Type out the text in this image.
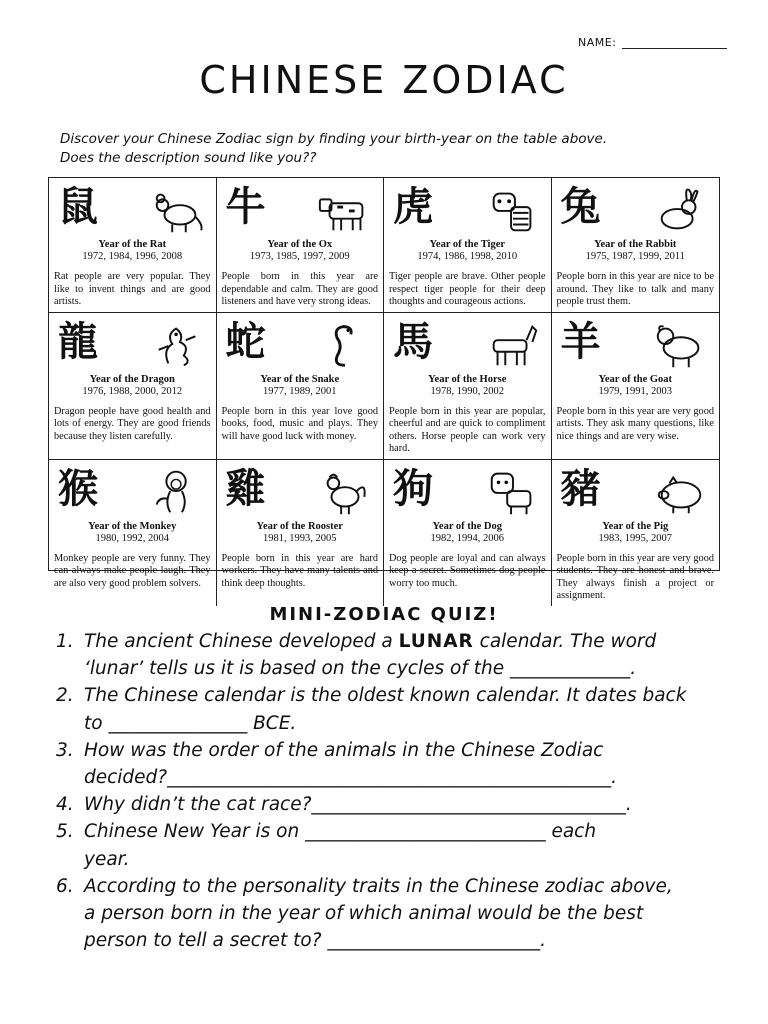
NAME:
CHINESE ZODIAC
Discover your Chinese Zodiac sign by finding your birth-year on the table above.
Does the description sound like you??
鼠
Year of the Rat
1972, 1984, 1996, 2008
Rat people are very popular. They like to invent things and are good artists.
牛
Year of the Ox
1973, 1985, 1997, 2009
People born in this year are dependable and calm. They are good listeners and have very strong ideas.
虎
Year of the Tiger
1974, 1986, 1998, 2010
Tiger people are brave. Other people respect tiger people for their deep thoughts and courageous actions.
兔
Year of the Rabbit
1975, 1987, 1999, 2011
People born in this year are nice to be around. They like to talk and many people trust them.
龍
Year of the Dragon
1976, 1988, 2000, 2012
Dragon people have good health and lots of energy. They are good friends because they listen carefully.
蛇
Year of the Snake
1977, 1989, 2001
People born in this year love good books, food, music and plays. They will have good luck with money.
馬
Year of the Horse
1978, 1990, 2002
People born in this year are popular, cheerful and are quick to compliment others. Horse people can work very hard.
羊
Year of the Goat
1979, 1991, 2003
People born in this year are very good artists. They ask many questions, like nice things and are very wise.
猴
Year of the Monkey
1980, 1992, 2004
Monkey people are very funny. They can always make people laugh. They are also very good problem solvers.
雞
Year of the Rooster
1981, 1993, 2005
People born in this year are hard workers. They have many talents and think deep thoughts.
狗
Year of the Dog
1982, 1994, 2006
Dog people are loyal and can always keep a secret. Sometimes dog people worry too much.
豬
Year of the Pig
1983, 1995, 2007
People born in this year are very good students. They are honest and brave. They always finish a project or assignment.
MINI-ZODIAC QUIZ!
1. The ancient Chinese developed a LUNAR calendar. The word
‘lunar’ tells us it is based on the cycles of the _____________.
2. The Chinese calendar is the oldest known calendar. It dates back
to _______________ BCE.
3. How was the order of the animals in the Chinese Zodiac
decided?________________________________________________.
4. Why didn’t the cat race?__________________________________.
5. Chinese New Year is on __________________________ each
year.
6. According to the personality traits in the Chinese zodiac above,
a person born in the year of which animal would be the best
person to tell a secret to? _______________________.
